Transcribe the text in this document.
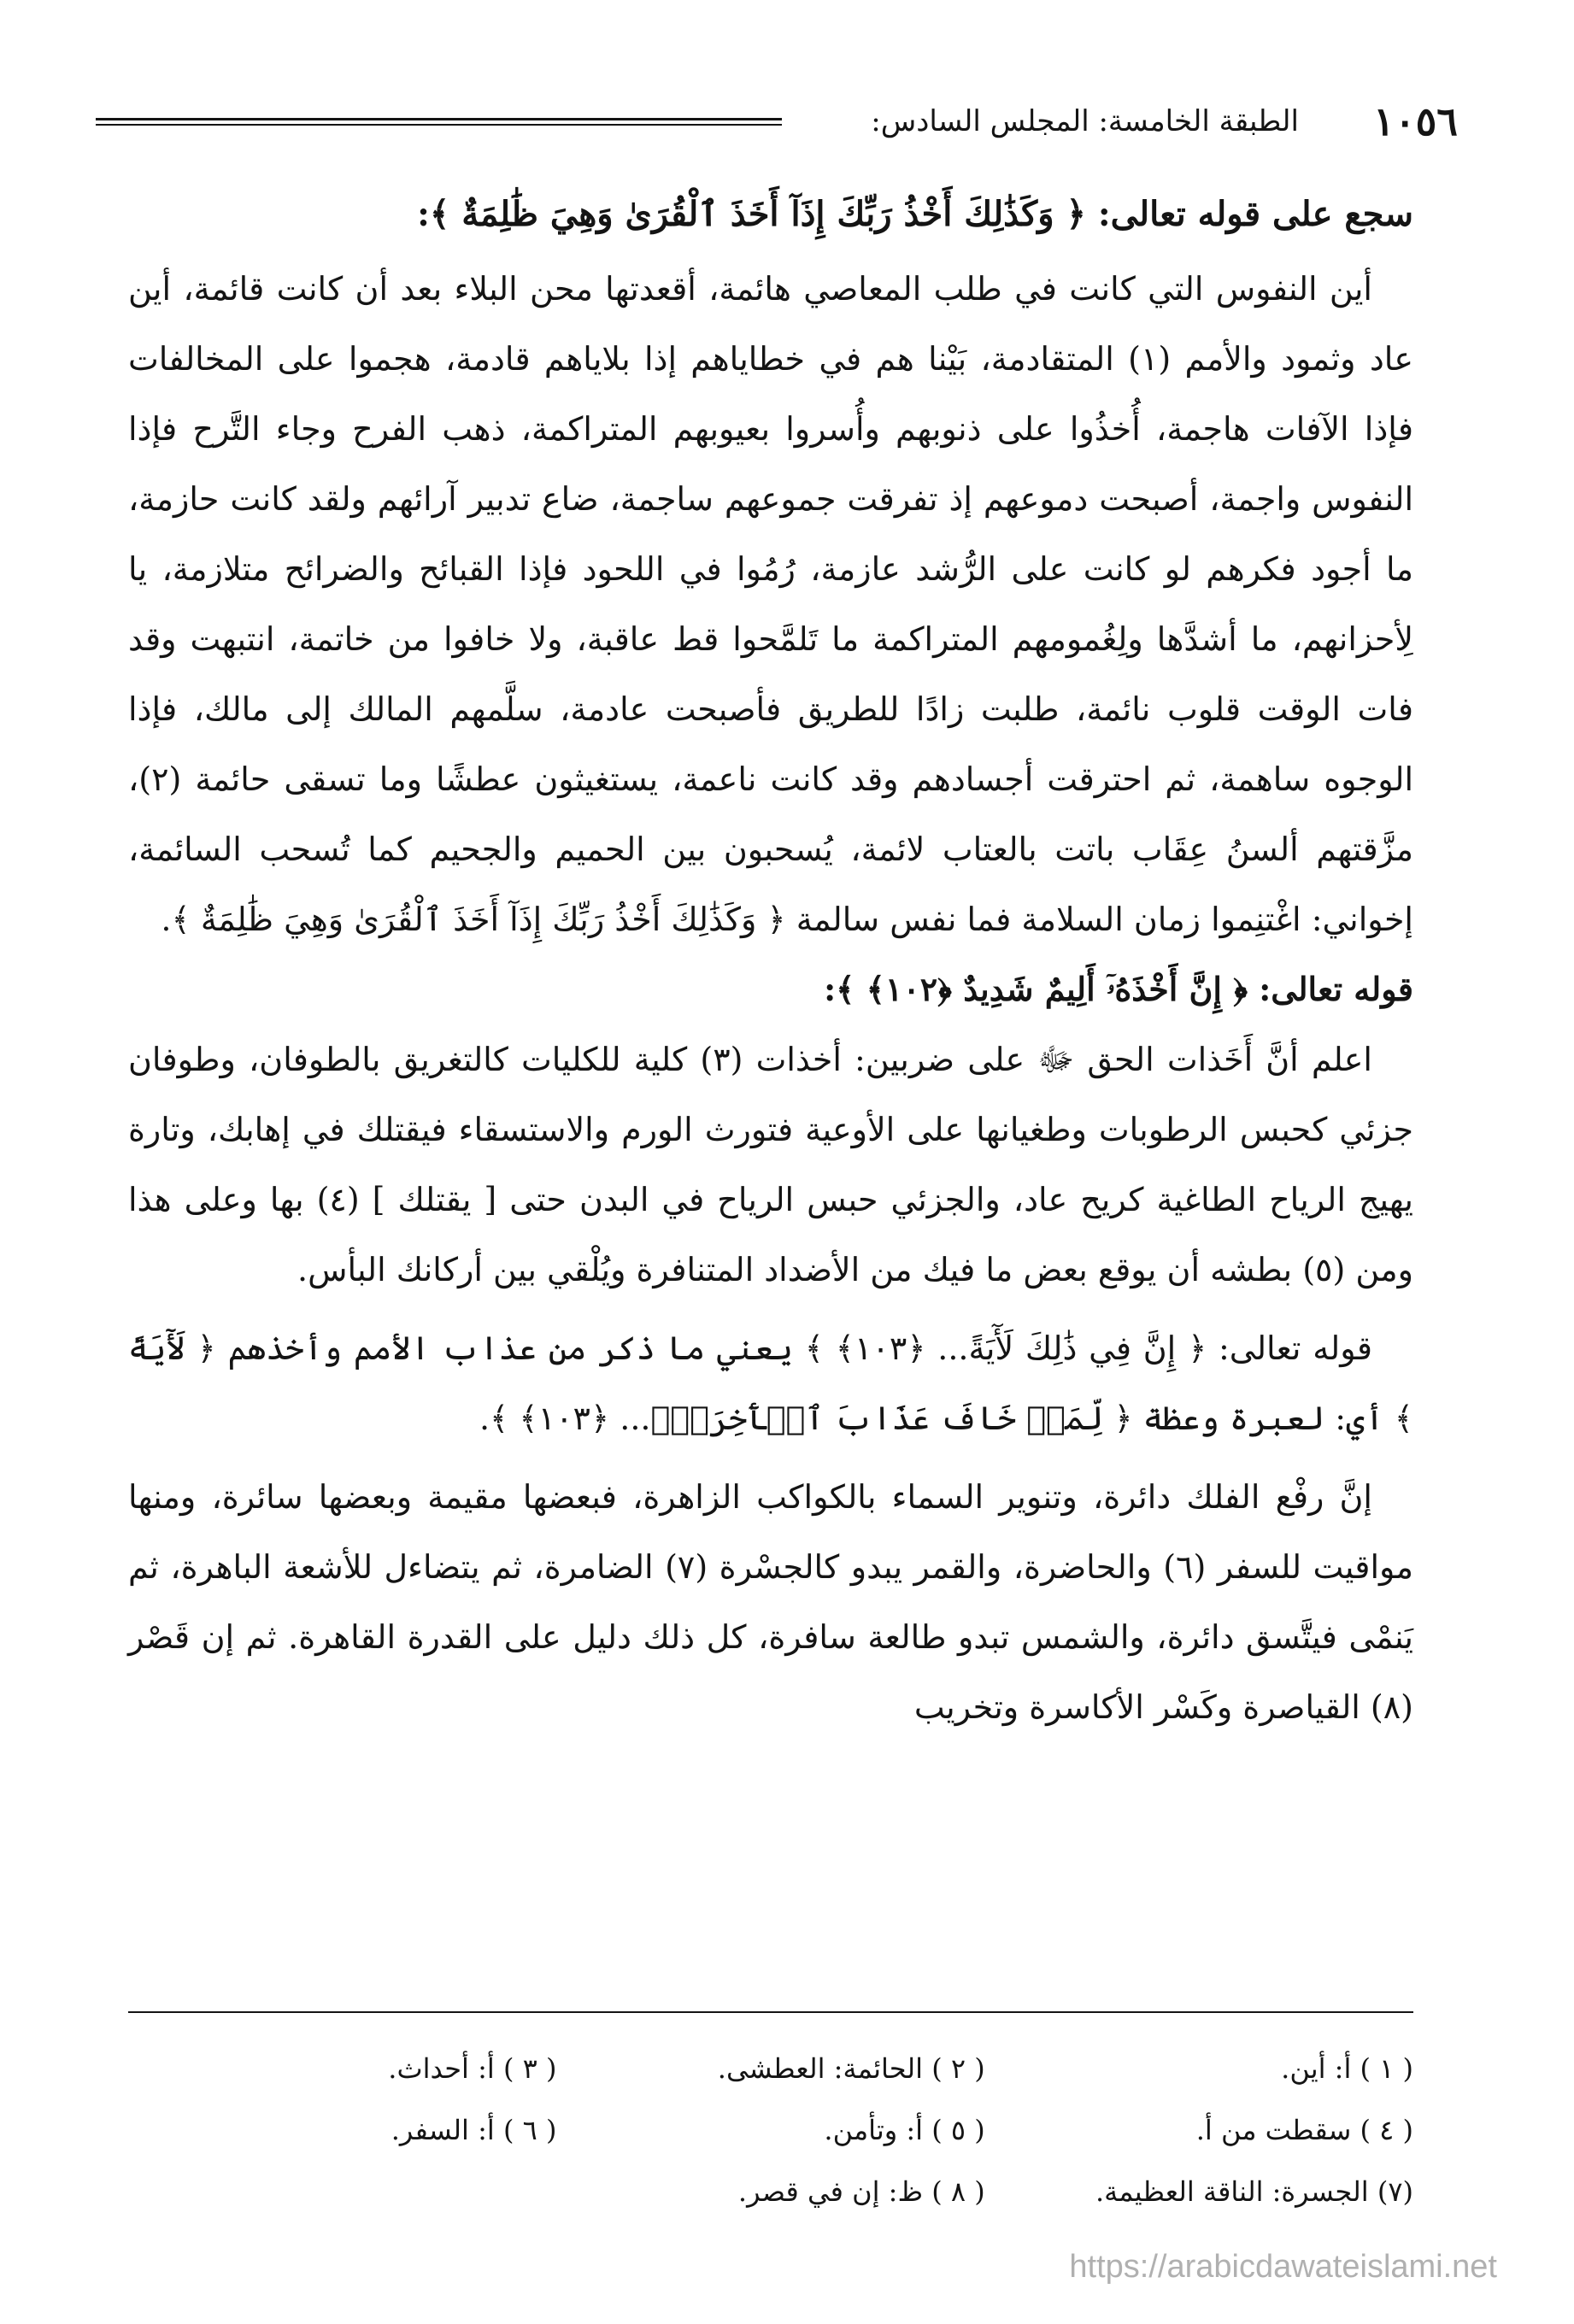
١٠٥٦
الطبقة الخامسة: المجلس السادس:

سجع على قوله تعالى: ﴿ وَكَذَٰلِكَ أَخْذُ رَبِّكَ إِذَآ أَخَذَ ٱلْقُرَىٰ وَهِيَ ظَٰلِمَةٌ ﴾:

أين النفوس التي كانت في طلب المعاصي هائمة، أقعدتها محن البلاء بعد أن كانت قائمة، أين عاد وثمود والأمم (١) المتقادمة، بَيْنا هم في خطاياهم إذا بلاياهم قادمة، هجموا على المخالفات فإذا الآفات هاجمة، أُخذُوا على ذنوبهم وأُسروا بعيوبهم المتراكمة، ذهب الفرح وجاء التَّرح فإذا النفوس واجمة، أصبحت دموعهم إذ تفرقت جموعهم ساجمة، ضاع تدبير آرائهم ولقد كانت حازمة، ما أجود فكرهم لو كانت على الرُّشد عازمة، رُمُوا في اللحود فإذا القبائح والضرائح متلازمة، يا لِأحزانهم، ما أشدَّها ولِغُمومهم المتراكمة ما تَلمَّحوا قط عاقبة، ولا خافوا من خاتمة، انتبهت وقد فات الوقت قلوب نائمة، طلبت زادًا للطريق فأصبحت عادمة، سلَّمهم المالك إلى مالك، فإذا الوجوه ساهمة، ثم احترقت أجسادهم وقد كانت ناعمة، يستغيثون عطشًا وما تسقى حائمة (٢)، مزَّقتهم ألسنُ عِقَاب باتت بالعتاب لائمة، يُسحبون بين الحميم والجحيم كما تُسحب السائمة، إخواني: اغْتنِموا زمان السلامة فما نفس سالمة ﴿ وَكَذَٰلِكَ أَخْذُ رَبِّكَ إِذَآ أَخَذَ ٱلْقُرَىٰ وَهِيَ ظَٰلِمَةٌ ﴾.

قوله تعالى: ﴿ إِنَّ أَخْذَهُۥٓ أَلِيمٌ شَدِيدٌ ﴿١٠٢﴾ ﴾:

اعلم أنَّ أَخَذات الحق ﷻ على ضربين: أخذات (٣) كلية للكليات كالتغريق بالطوفان، وطوفان جزئي كحبس الرطوبات وطغيانها على الأوعية فتورث الورم والاستسقاء فيقتلك في إهابك، وتارة يهيج الرياح الطاغية كريح عاد، والجزئي حبس الرياح في البدن حتى [ يقتلك ] (٤) بها وعلى هذا ومن (٥) بطشه أن يوقع بعض ما فيك من الأضداد المتنافرة ويُلْقي بين أركانك البأس.

قوله تعالى: ﴿ إِنَّ فِي ذَٰلِكَ لَأٓيَةً... ﴿١٠٣﴾ ﴾ يعني ما ذكر من عذاب الأمم وأخذهم ﴿ لَأٓيَةً ﴾ أي: لعبرة وعظة ﴿ لِّمَنۡ خَافَ عَذَابَ ٱلۡأٓخِرَةِۚ... ﴿١٠٣﴾ ﴾.

إنَّ رفْع الفلك دائرة، وتنوير السماء بالكواكب الزاهرة، فبعضها مقيمة وبعضها سائرة، ومنها مواقيت للسفر (٦) والحاضرة، والقمر يبدو كالجسْرة (٧) الضامرة، ثم يتضاءل للأشعة الباهرة، ثم يَنمْى فيتَّسق دائرة، والشمس تبدو طالعة سافرة، كل ذلك دليل على القدرة القاهرة. ثم إن قَصْر (٨) القياصرة وكَسْر الأكاسرة وتخريب

( ١ ) أ: أين.
( ٢ ) الحائمة: العطشى.
( ٣ ) أ: أحداث.
( ٤ ) سقطت من أ.
( ٥ ) أ: وتأمن.
( ٦ ) أ: السفر.
(٧) الجسرة: الناقة العظيمة.
( ٨ ) ظ: إن في قصر.
https://arabicdawateislami.net
